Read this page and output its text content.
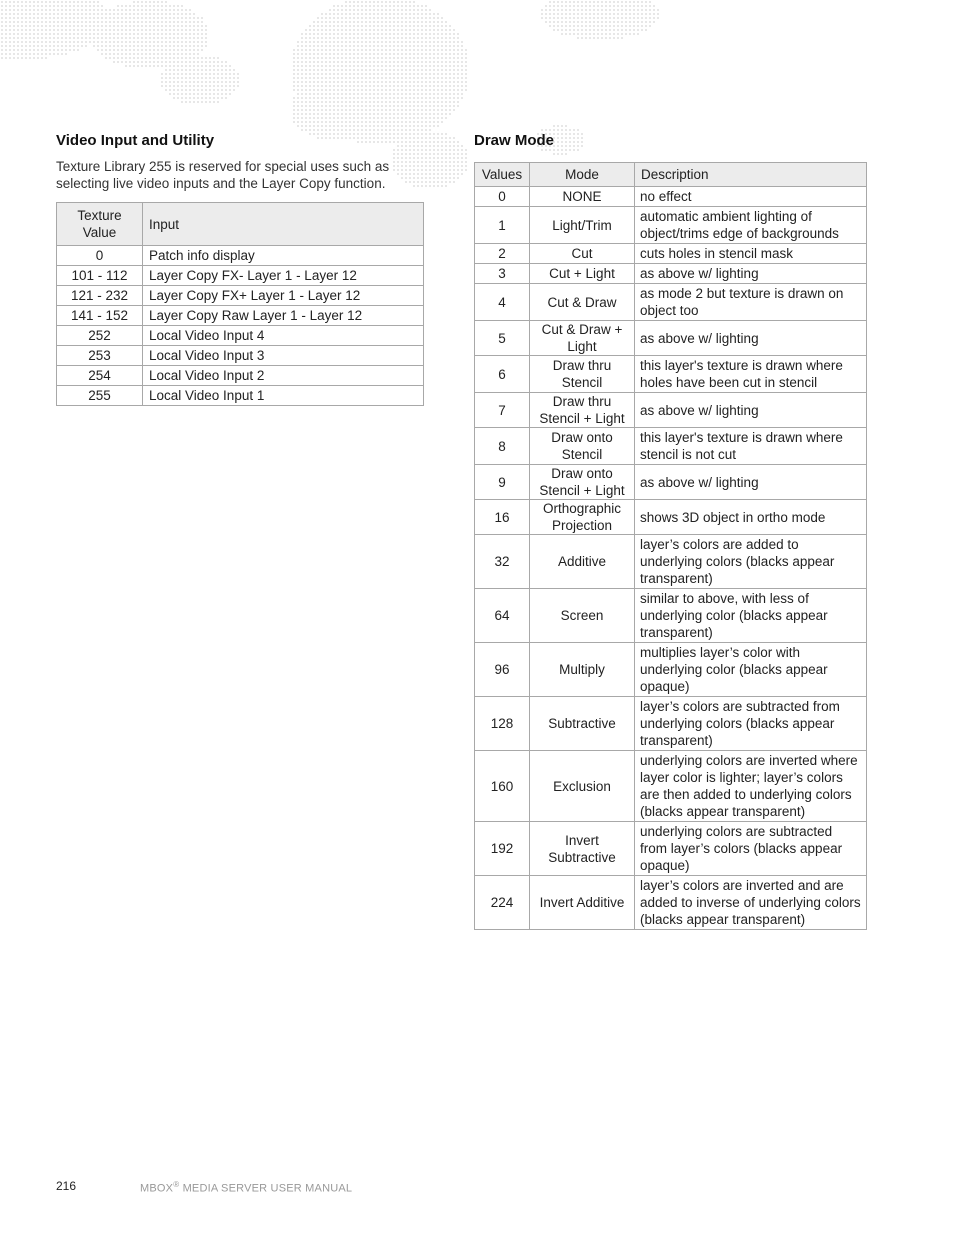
Video Input and Utility

Texture Library 255 is reserved for special uses such as selecting live video inputs and the Layer Copy function.

Texture Value	Input
0	Patch info display
101 - 112	Layer Copy FX- Layer 1 - Layer 12
121 - 232	Layer Copy FX+ Layer 1 - Layer 12
141 - 152	Layer Copy Raw Layer 1 - Layer 12
252	Local Video Input 4
253	Local Video Input 3
254	Local Video Input 2
255	Local Video Input 1
Draw Mode
Values	Mode	Description
0	NONE	no effect
1	Light/Trim	automatic ambient lighting of object/trims edge of backgrounds
2	Cut	cuts holes in stencil mask
3	Cut + Light	as above w/ lighting
4	Cut & Draw	as mode 2 but texture is drawn on object too
5	Cut & Draw + Light	as above w/ lighting
6	Draw thru Stencil	this layer's texture is drawn where holes have been cut in stencil
7	Draw thru Stencil + Light	as above w/ lighting
8	Draw onto Stencil	this layer's texture is drawn where stencil is not cut
9	Draw onto Stencil + Light	as above w/ lighting
16	Orthographic Projection	shows 3D object in ortho mode
32	Additive	layer’s colors are added to underlying colors (blacks appear transparent)
64	Screen	similar to above, with less of underlying color (blacks appear transparent)
96	Multiply	multiplies layer’s color with underlying color (blacks appear opaque)
128	Subtractive	layer’s colors are subtracted from underlying colors (blacks appear transparent)
160	Exclusion	underlying colors are inverted where layer color is lighter; layer’s colors are then added to underlying colors (blacks appear transparent)
192	Invert Subtractive	underlying colors are subtracted from layer’s colors (blacks appear opaque)
224	Invert Additive	layer’s colors are inverted and are added to inverse of underlying colors (blacks appear transparent)
216	MBOX® MEDIA SERVER USER MANUAL
